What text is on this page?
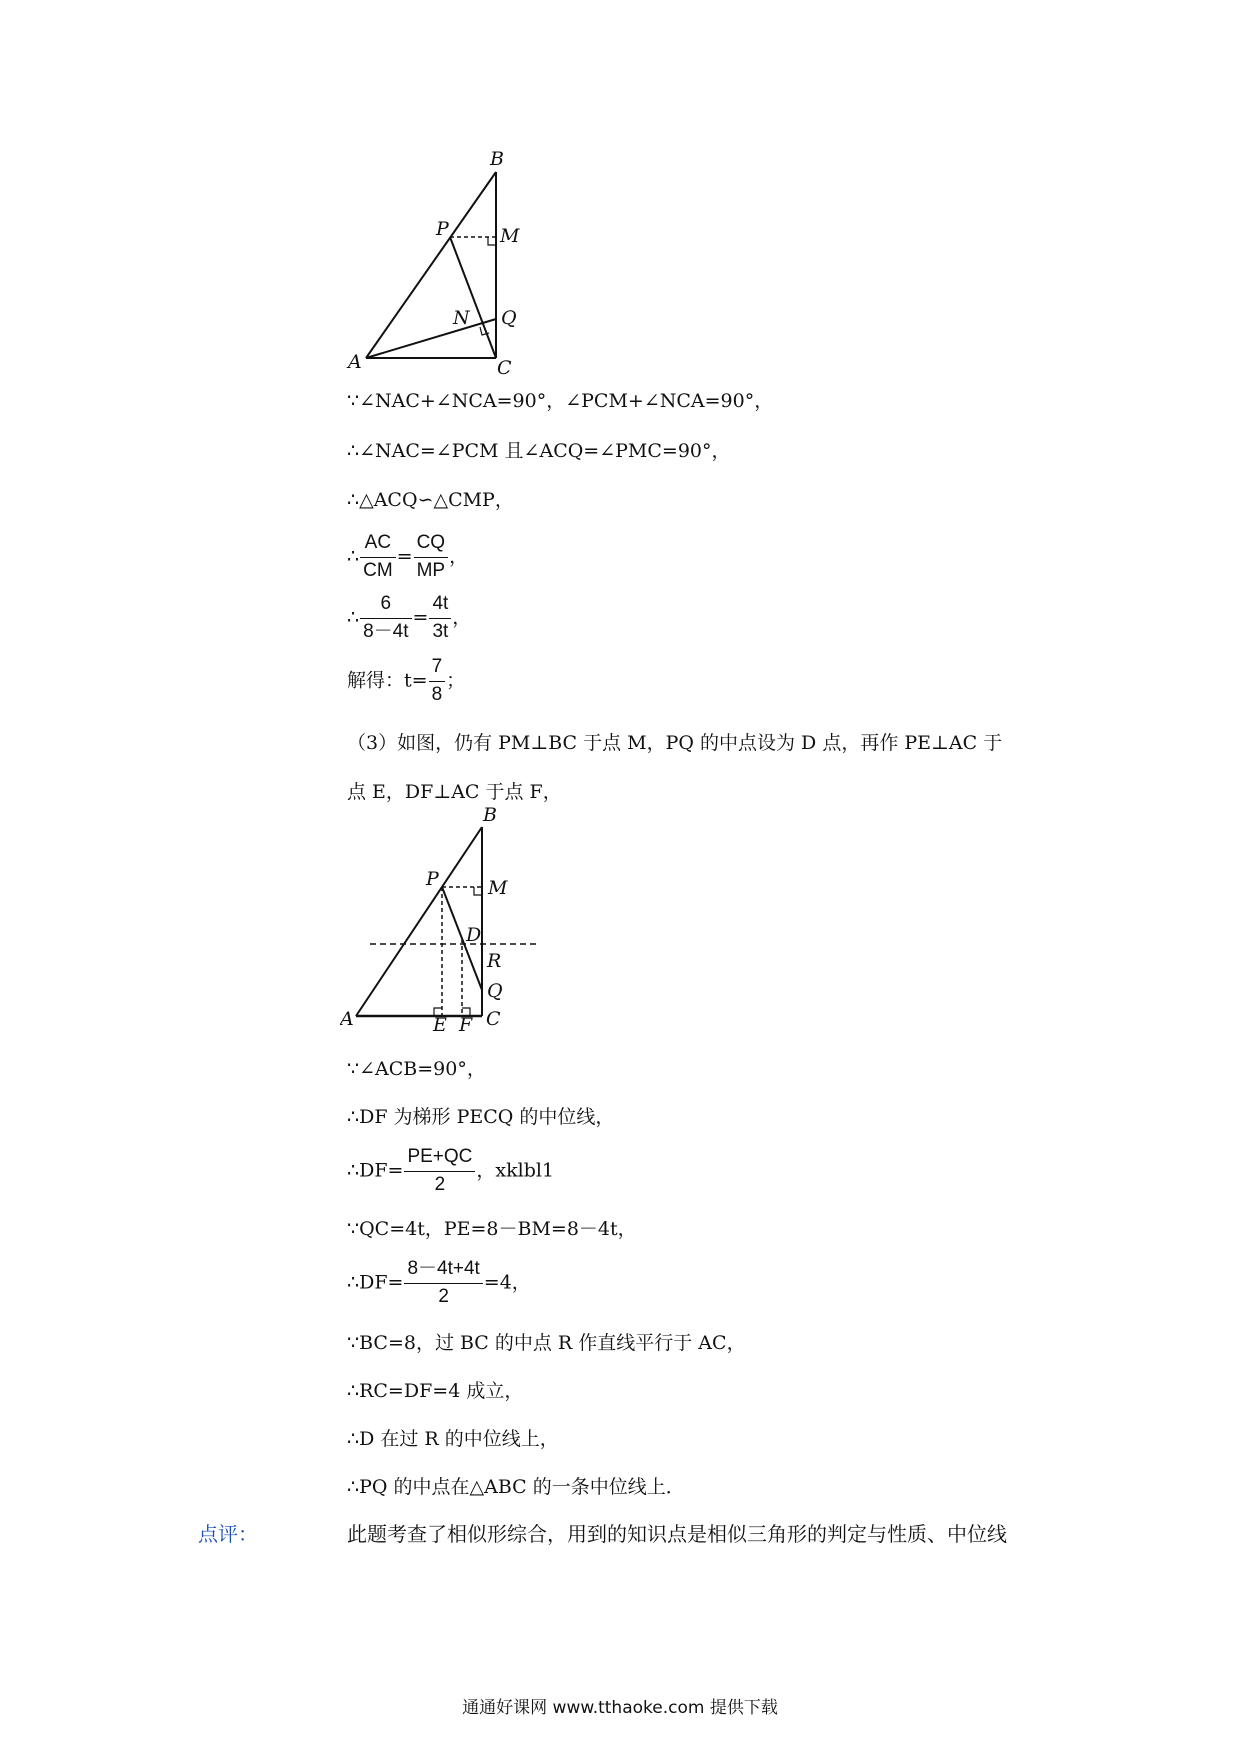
B
P	M
N Q
A	C
∵∠NAC+∠NCA=90°，∠PCM+∠NCA=90°，
∴∠NAC=∠PCM 且∠ACQ=∠PMC=90°，
∴△ACQ∽△CMP，
∴ $\frac{AC}{CM} = \frac{CQ}{MP}$ ，
∴ $\frac{6}{8-4t} = \frac{4t}{3t}$ ，
解得：$t= \frac{7}{8}$ ；
（3）如图，仍有 PM⊥BC 于点 M，PQ 的中点设为 D 点，再作 PE⊥AC 于
点 E，DF⊥AC 于点 F，
B
P	M
D
R
Q
A	E F C
∵∠ACB=90°，
∴DF 为梯形 PECQ 的中位线，
∴DF= $\frac{PE+QC}{2}$ ，xklbl1
∵QC=4t，PE=8－BM=8－4t，
∴DF= $\frac{8-4t+4t}{2} =4$，
∵BC=8，过 BC 的中点 R 作直线平行于 AC，
∴RC=DF=4 成立，
∴D 在过 R 的中位线上，
∴PQ 的中点在△ABC 的一条中位线上．
点评：	此题考查了相似形综合，用到的知识点是相似三角形的判定与性质、中位线
通通好课网 www.tthaoke.com 提供下载
